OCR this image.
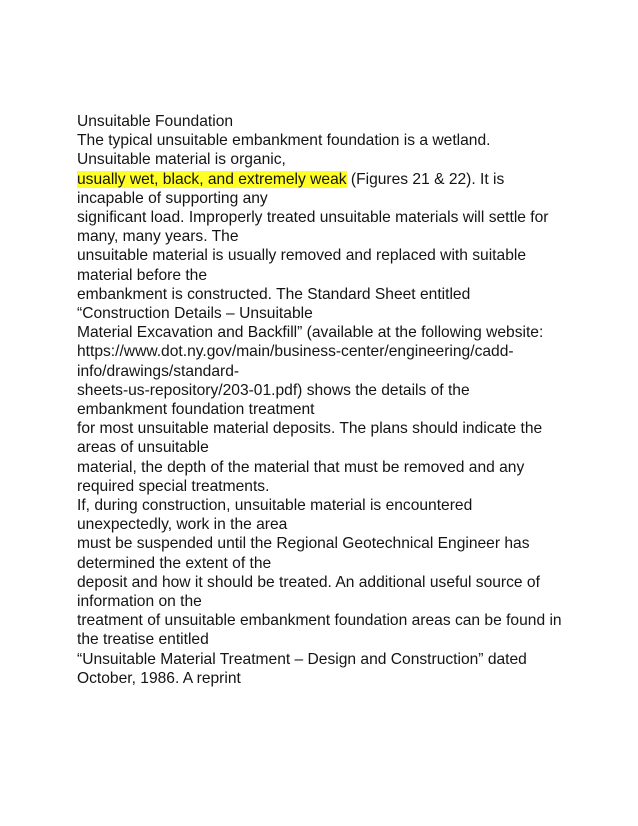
Unsuitable Foundation
The typical unsuitable embankment foundation is a wetland.
Unsuitable material is organic,
usually wet, black, and extremely weak (Figures 21 & 22). It is
incapable of supporting any
significant load. Improperly treated unsuitable materials will settle for
many, many years. The
unsuitable material is usually removed and replaced with suitable
material before the
embankment is constructed. The Standard Sheet entitled
“Construction Details – Unsuitable
Material Excavation and Backfill” (available at the following website:
https://www.dot.ny.gov/main/business-center/engineering/cadd-
info/drawings/standard-
sheets-us-repository/203-01.pdf) shows the details of the
embankment foundation treatment
for most unsuitable material deposits. The plans should indicate the
areas of unsuitable
material, the depth of the material that must be removed and any
required special treatments.
If, during construction, unsuitable material is encountered
unexpectedly, work in the area
must be suspended until the Regional Geotechnical Engineer has
determined the extent of the
deposit and how it should be treated. An additional useful source of
information on the
treatment of unsuitable embankment foundation areas can be found in
the treatise entitled
“Unsuitable Material Treatment – Design and Construction” dated
October, 1986. A reprint
